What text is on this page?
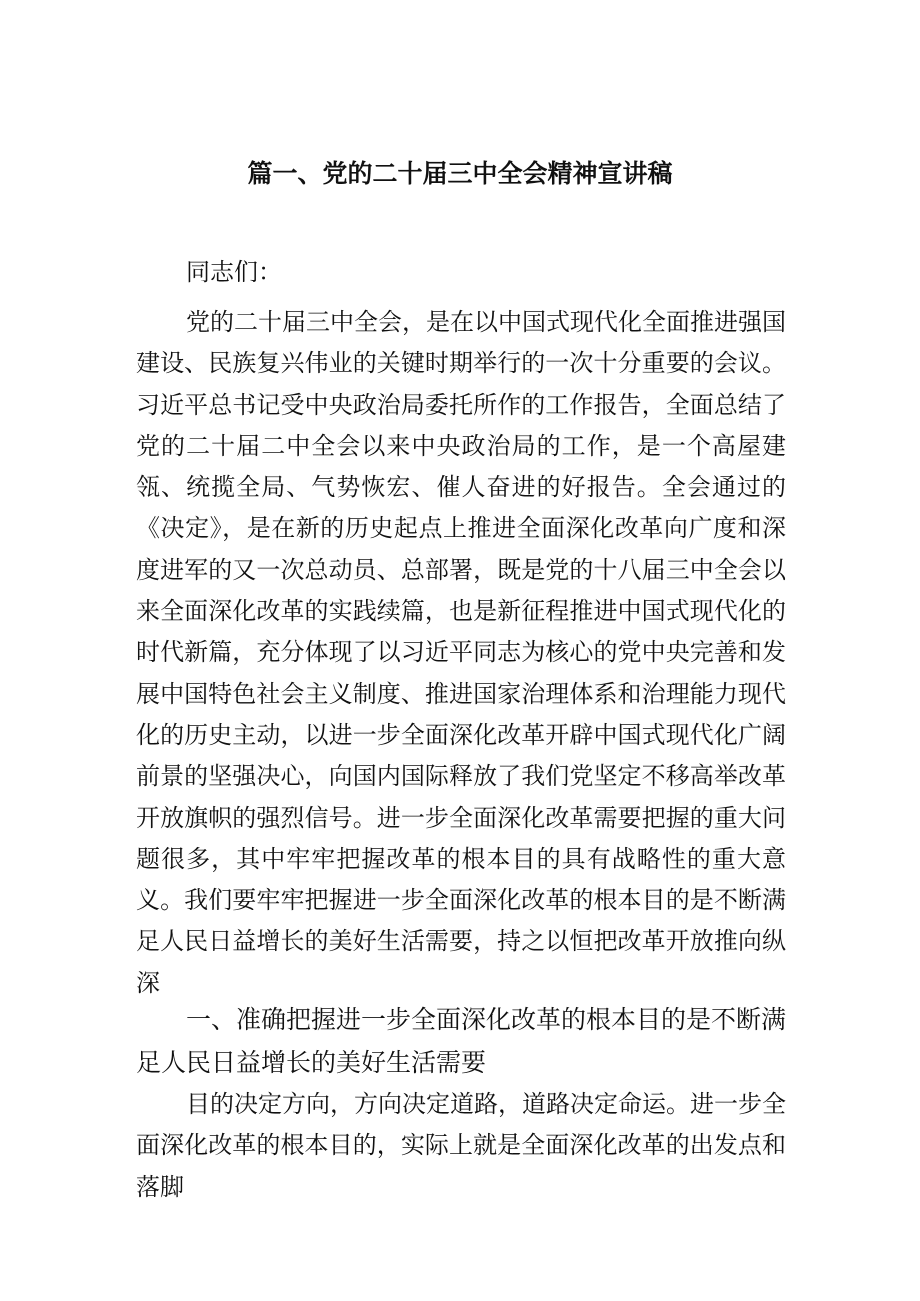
篇一、党的二十届三中全会精神宣讲稿
同志们：

党的二十届三中全会，是在以中国式现代化全面推进强国建设、民族复兴伟业的关键时期举行的一次十分重要的会议。习近平总书记受中央政治局委托所作的工作报告，全面总结了党的二十届二中全会以来中央政治局的工作，是一个高屋建瓴、统揽全局、气势恢宏、催人奋进的好报告。全会通过的《决定》，是在新的历史起点上推进全面深化改革向广度和深度进军的又一次总动员、总部署，既是党的十八届三中全会以来全面深化改革的实践续篇，也是新征程推进中国式现代化的时代新篇，充分体现了以习近平同志为核心的党中央完善和发展中国特色社会主义制度、推进国家治理体系和治理能力现代化的历史主动，以进一步全面深化改革开辟中国式现代化广阔前景的坚强决心，向国内国际释放了我们党坚定不移高举改革开放旗帜的强烈信号。进一步全面深化改革需要把握的重大问题很多，其中牢牢把握改革的根本目的具有战略性的重大意义。我们要牢牢把握进一步全面深化改革的根本目的是不断满足人民日益增长的美好生活需要，持之以恒把改革开放推向纵深

一、准确把握进一步全面深化改革的根本目的是不断满足人民日益增长的美好生活需要

目的决定方向，方向决定道路，道路决定命运。进一步全面深化改革的根本目的，实际上就是全面深化改革的出发点和落脚
